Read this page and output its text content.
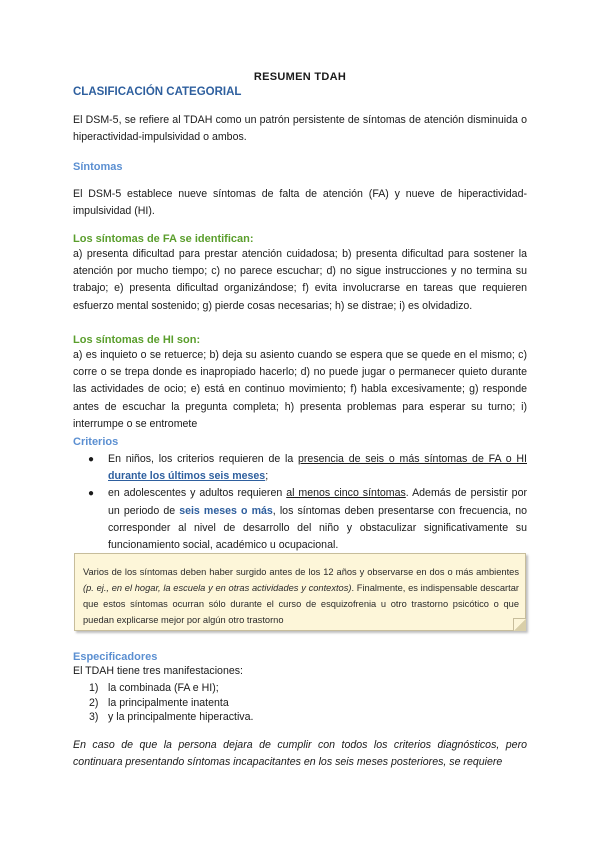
RESUMEN TDAH
CLASIFICACIÓN CATEGORIAL
El DSM-5, se refiere al TDAH como un patrón persistente de síntomas de atención disminuida o hiperactividad-impulsividad o ambos.
Síntomas
El DSM-5 establece nueve síntomas de falta de atención (FA) y nueve de hiperactividad-impulsividad (HI).
Los síntomas de FA se identifican:
a) presenta dificultad para prestar atención cuidadosa; b) presenta dificultad para sostener la atención por mucho tiempo; c) no parece escuchar; d) no sigue instrucciones y no termina su trabajo; e) presenta dificultad organizándose; f) evita involucrarse en tareas que requieren esfuerzo mental sostenido; g) pierde cosas necesarias; h) se distrae; i) es olvidadizo.
Los síntomas de HI son:
a) es inquieto o se retuerce; b) deja su asiento cuando se espera que se quede en el mismo; c) corre o se trepa donde es inapropiado hacerlo; d) no puede jugar o permanecer quieto durante las actividades de ocio; e) está en continuo movimiento; f) habla excesivamente; g) responde antes de escuchar la pregunta completa; h) presenta problemas para esperar su turno; i) interrumpe o se entromete
Criterios
● En niños, los criterios requieren de la presencia de seis o más síntomas de FA o HI durante los últimos seis meses;
● en adolescentes y adultos requieren al menos cinco síntomas. Además de persistir por un periodo de seis meses o más, los síntomas deben presentarse con frecuencia, no corresponder al nivel de desarrollo del niño y obstaculizar significativamente su funcionamiento social, académico u ocupacional.
Varios de los síntomas deben haber surgido antes de los 12 años y observarse en dos o más ambientes (p. ej., en el hogar, la escuela y en otras actividades y contextos). Finalmente, es indispensable descartar que estos síntomas ocurran sólo durante el curso de esquizofrenia u otro trastorno psicótico o que puedan explicarse mejor por algún otro trastorno
Especificadores
El TDAH tiene tres manifestaciones:
1) la combinada (FA e HI);
2) la principalmente inatenta
3) y la principalmente hiperactiva.
En caso de que la persona dejara de cumplir con todos los criterios diagnósticos, pero continuara presentando síntomas incapacitantes en los seis meses posteriores, se requiere
